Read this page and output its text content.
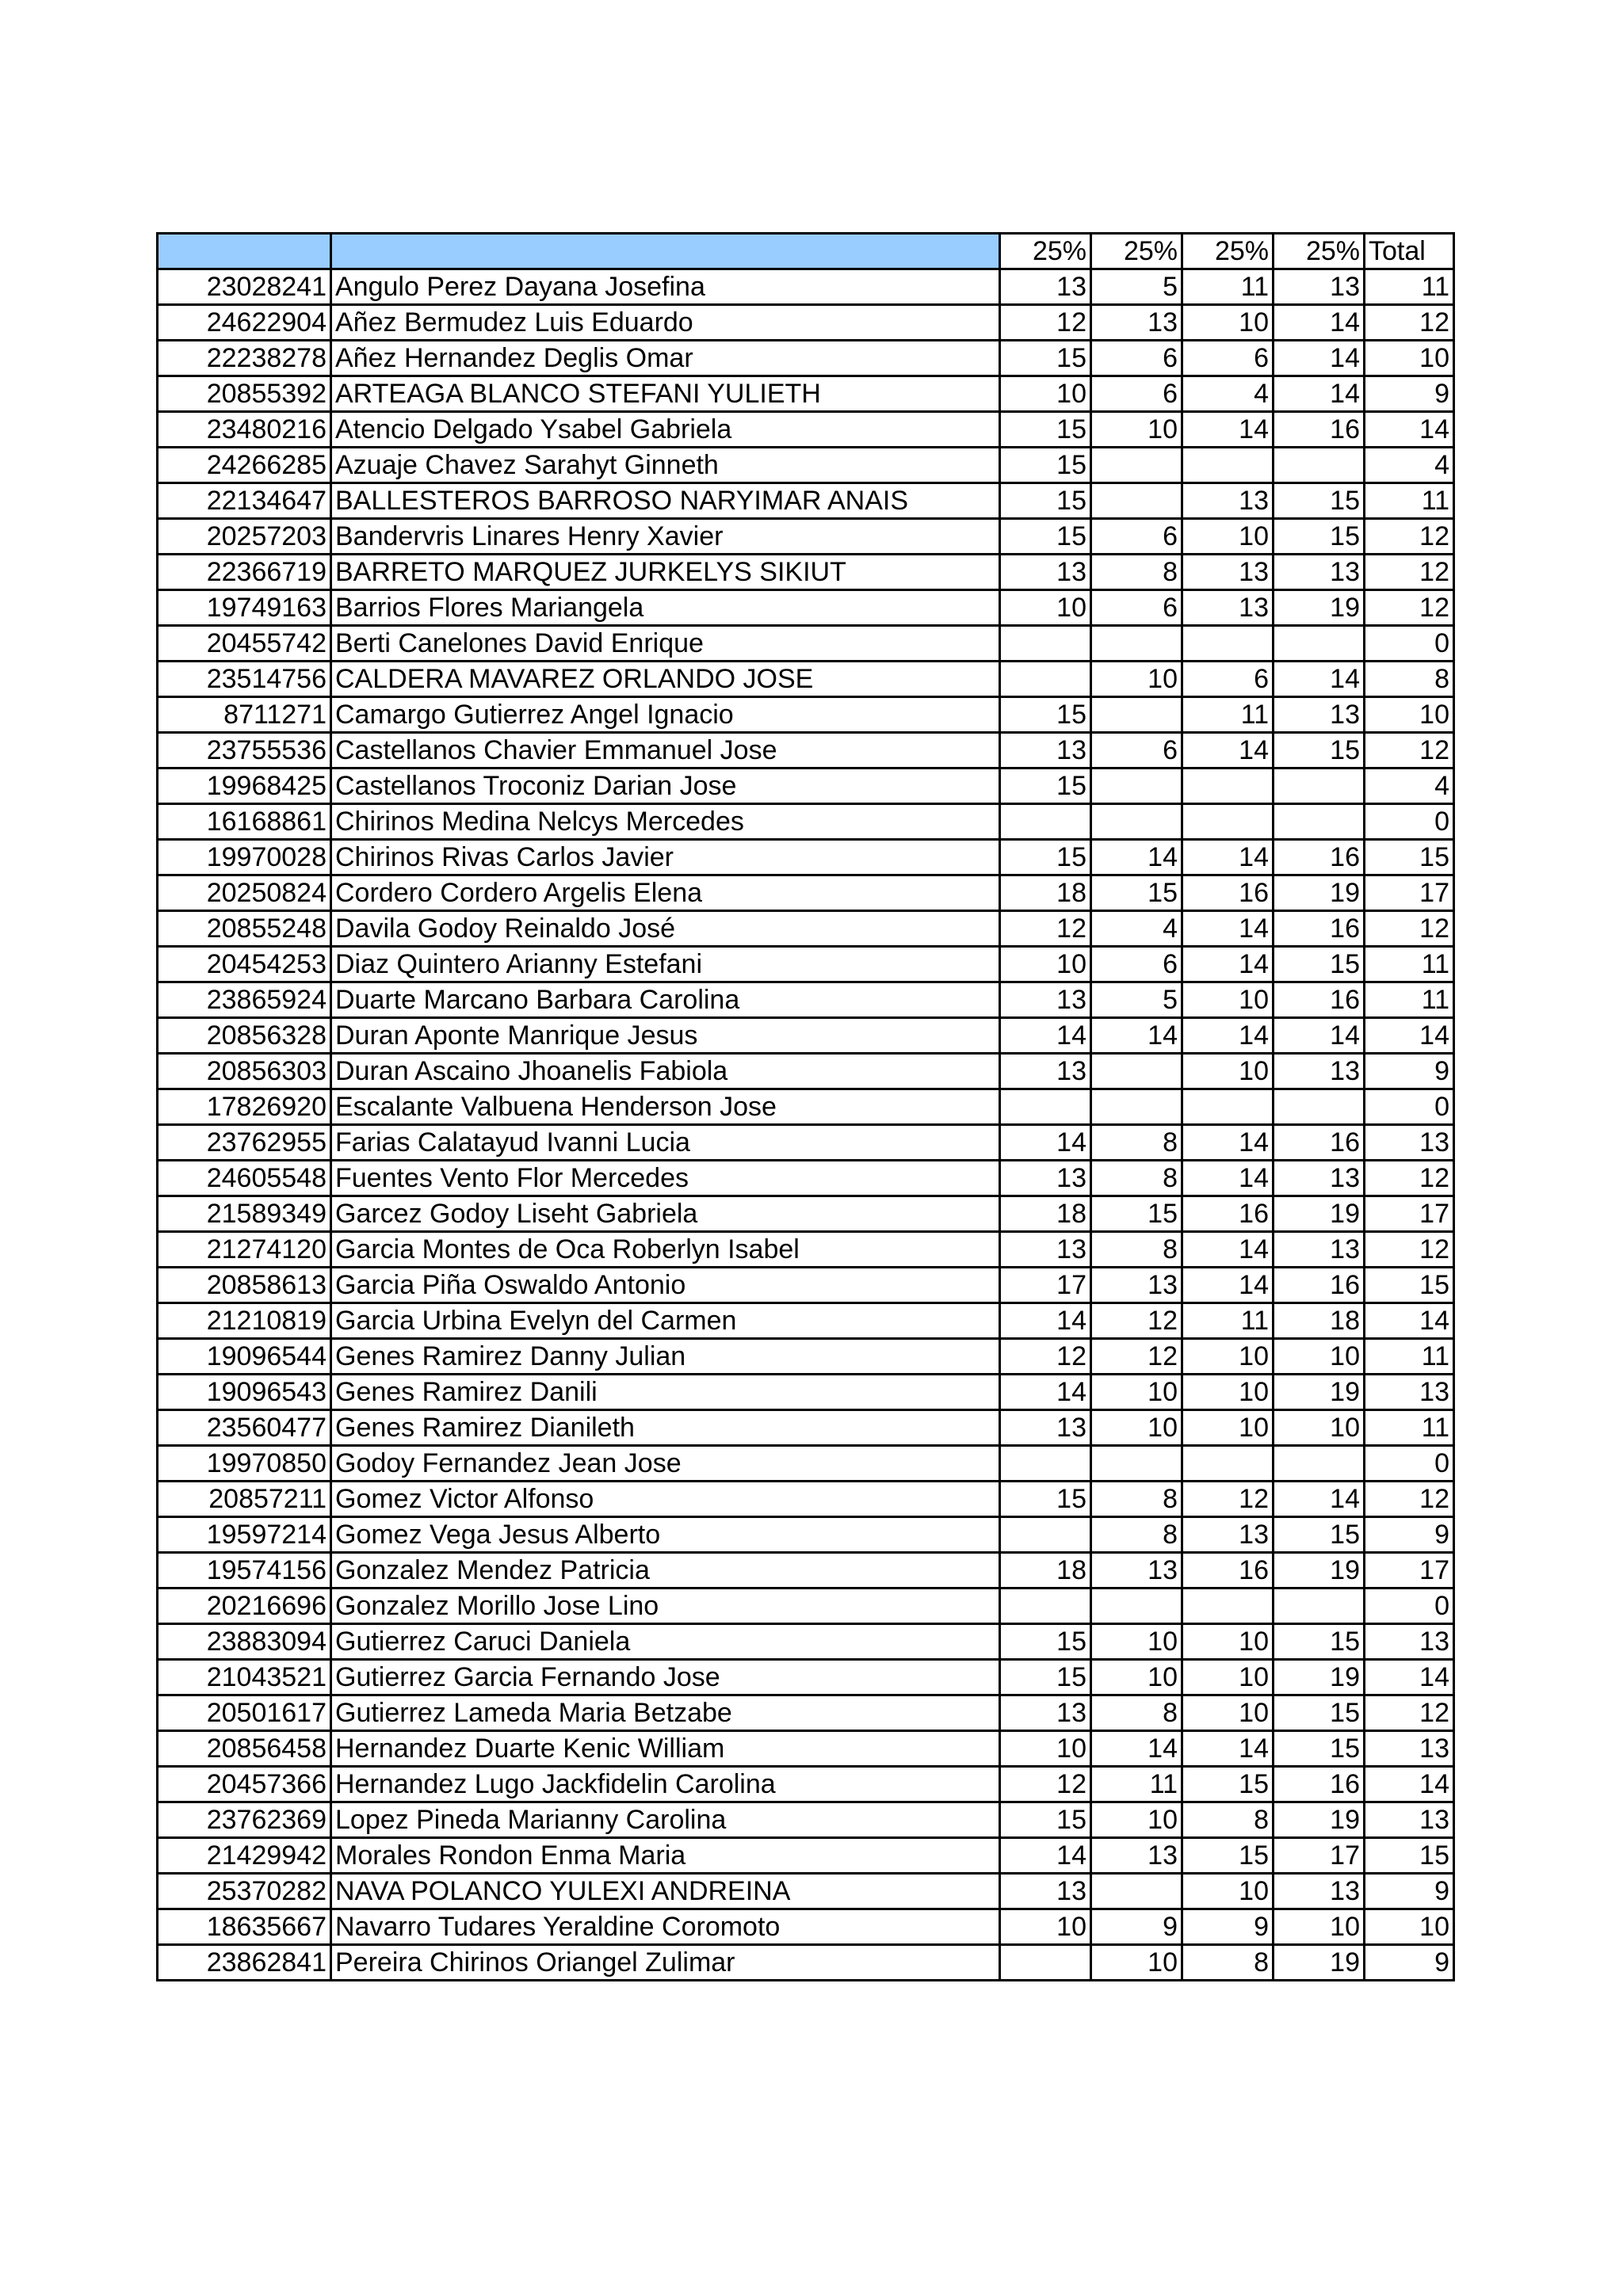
		25%	25%	25%	25%	Total
23028241	Angulo Perez Dayana Josefina	13	5	11	13	11
24622904	Añez Bermudez Luis Eduardo	12	13	10	14	12
22238278	Añez Hernandez Deglis Omar	15	6	6	14	10
20855392	ARTEAGA BLANCO STEFANI YULIETH	10	6	4	14	9
23480216	Atencio Delgado Ysabel Gabriela	15	10	14	16	14
24266285	Azuaje Chavez Sarahyt Ginneth	15				4
22134647	BALLESTEROS BARROSO NARYIMAR ANAIS	15		13	15	11
20257203	Bandervris Linares Henry Xavier	15	6	10	15	12
22366719	BARRETO MARQUEZ JURKELYS SIKIUT	13	8	13	13	12
19749163	Barrios Flores Mariangela	10	6	13	19	12
20455742	Berti Canelones David Enrique					0
23514756	CALDERA MAVAREZ ORLANDO JOSE		10	6	14	8
8711271	Camargo Gutierrez Angel Ignacio	15		11	13	10
23755536	Castellanos Chavier Emmanuel Jose	13	6	14	15	12
19968425	Castellanos Troconiz Darian Jose	15				4
16168861	Chirinos Medina Nelcys Mercedes					0
19970028	Chirinos Rivas Carlos Javier	15	14	14	16	15
20250824	Cordero Cordero Argelis Elena	18	15	16	19	17
20855248	Davila Godoy Reinaldo José	12	4	14	16	12
20454253	Diaz Quintero Arianny Estefani	10	6	14	15	11
23865924	Duarte Marcano Barbara Carolina	13	5	10	16	11
20856328	Duran Aponte Manrique Jesus	14	14	14	14	14
20856303	Duran Ascaino Jhoanelis Fabiola	13		10	13	9
17826920	Escalante Valbuena Henderson Jose					0
23762955	Farias Calatayud Ivanni Lucia	14	8	14	16	13
24605548	Fuentes Vento Flor Mercedes	13	8	14	13	12
21589349	Garcez Godoy Liseht Gabriela	18	15	16	19	17
21274120	Garcia Montes de Oca Roberlyn Isabel	13	8	14	13	12
20858613	Garcia Piña Oswaldo Antonio	17	13	14	16	15
21210819	Garcia Urbina Evelyn del Carmen	14	12	11	18	14
19096544	Genes Ramirez Danny Julian	12	12	10	10	11
19096543	Genes Ramirez Danili	14	10	10	19	13
23560477	Genes Ramirez Dianileth	13	10	10	10	11
19970850	Godoy Fernandez Jean Jose					0
20857211	Gomez Victor Alfonso	15	8	12	14	12
19597214	Gomez Vega Jesus Alberto		8	13	15	9
19574156	Gonzalez Mendez Patricia	18	13	16	19	17
20216696	Gonzalez Morillo Jose Lino					0
23883094	Gutierrez Caruci Daniela	15	10	10	15	13
21043521	Gutierrez Garcia Fernando Jose	15	10	10	19	14
20501617	Gutierrez Lameda Maria Betzabe	13	8	10	15	12
20856458	Hernandez Duarte Kenic William	10	14	14	15	13
20457366	Hernandez Lugo Jackfidelin Carolina	12	11	15	16	14
23762369	Lopez Pineda Marianny Carolina	15	10	8	19	13
21429942	Morales Rondon Enma Maria	14	13	15	17	15
25370282	NAVA POLANCO YULEXI ANDREINA	13		10	13	9
18635667	Navarro Tudares Yeraldine Coromoto	10	9	9	10	10
23862841	Pereira Chirinos Oriangel Zulimar		10	8	19	9
